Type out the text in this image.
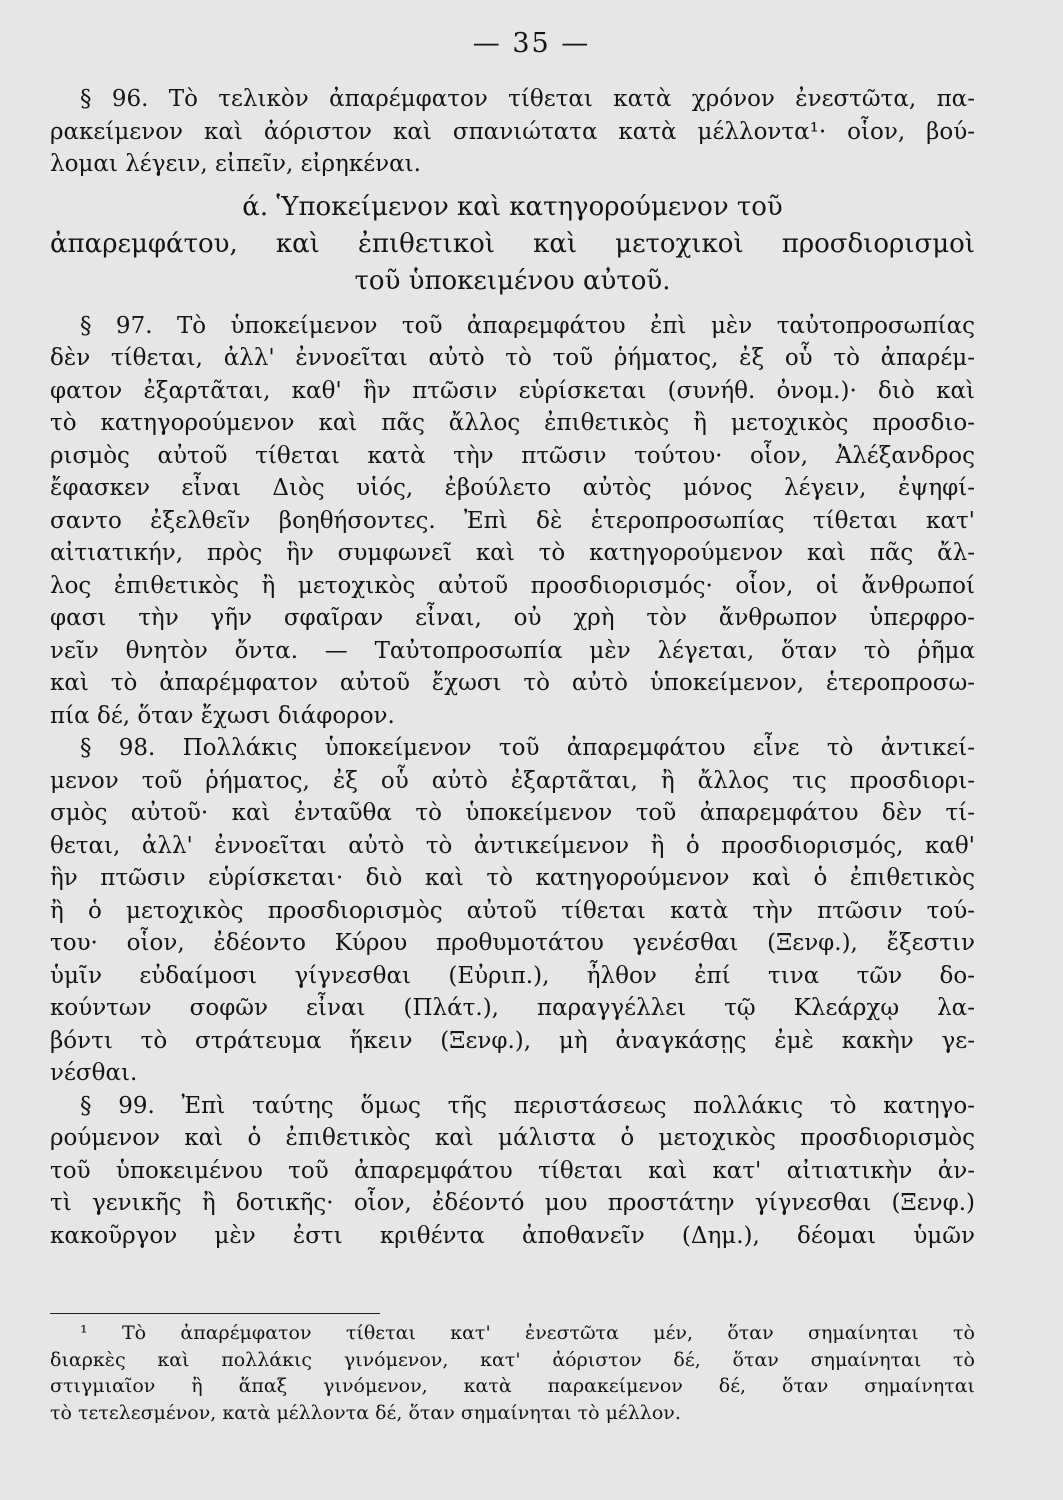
— 35 —
§ 96. Τὸ τελικὸν ἀπαρέμφατον τίθεται κατὰ χρόνον ἐνεστῶτα, πα-
ρακείμενον καὶ ἀόριστον καὶ σπανιώτατα κατὰ μέλλοντα¹· οἷον, βού-
λομαι λέγειν, εἰπεῖν, εἰρηκέναι.
ά. Ὑποκείμενον καὶ κατηγορούμενον τοῦ
ἀπαρεμφάτου, καὶ ἐπιθετικοὶ καὶ μετοχικοὶ προσδιορισμοὶ
τοῦ ὑποκειμένου αὐτοῦ.
§ 97. Τὸ ὑποκείμενον τοῦ ἀπαρεμφάτου ἐπὶ μὲν ταὐτοπροσωπίας
δὲν τίθεται, ἀλλ' ἐννοεῖται αὐτὸ τὸ τοῦ ῥήματος, ἐξ οὗ τὸ ἀπαρέμ-
φατον ἐξαρτᾶται, καθ' ἣν πτῶσιν εὑρίσκεται (συνήθ. ὀνομ.)· διὸ καὶ
τὸ κατηγορούμενον καὶ πᾶς ἄλλος ἐπιθετικὸς ἢ μετοχικὸς προσδιο-
ρισμὸς αὐτοῦ τίθεται κατὰ τὴν πτῶσιν τούτου· οἷον, Ἀλέξανδρος
ἔφασκεν εἶναι Διὸς υἱός, ἐβούλετο αὐτὸς μόνος λέγειν, ἐψηφί-
σαντο ἐξελθεῖν βοηθήσοντες. Ἐπὶ δὲ ἑτεροπροσωπίας τίθεται κατ'
αἰτιατικήν, πρὸς ἣν συμφωνεῖ καὶ τὸ κατηγορούμενον καὶ πᾶς ἄλ-
λος ἐπιθετικὸς ἢ μετοχικὸς αὐτοῦ προσδιορισμός· οἷον, οἱ ἄνθρωποί
φασι τὴν γῆν σφαῖραν εἶναι, οὐ χρὴ τὸν ἄνθρωπον ὑπερφρο-
νεῖν θνητὸν ὄντα. — Ταὐτοπροσωπία μὲν λέγεται, ὅταν τὸ ῥῆμα
καὶ τὸ ἀπαρέμφατον αὐτοῦ ἔχωσι τὸ αὐτὸ ὑποκείμενον, ἑτεροπροσω-
πία δέ, ὅταν ἔχωσι διάφορον.
§ 98. Πολλάκις ὑποκείμενον τοῦ ἀπαρεμφάτου εἶνε τὸ ἀντικεί-
μενον τοῦ ῥήματος, ἐξ οὗ αὐτὸ ἐξαρτᾶται, ἢ ἄλλος τις προσδιορι-
σμὸς αὐτοῦ· καὶ ἐνταῦθα τὸ ὑποκείμενον τοῦ ἀπαρεμφάτου δὲν τί-
θεται, ἀλλ' ἐννοεῖται αὐτὸ τὸ ἀντικείμενον ἢ ὁ προσδιορισμός, καθ'
ἣν πτῶσιν εὑρίσκεται· διὸ καὶ τὸ κατηγορούμενον καὶ ὁ ἐπιθετικὸς
ἢ ὁ μετοχικὸς προσδιορισμὸς αὐτοῦ τίθεται κατὰ τὴν πτῶσιν τού-
του· οἷον, ἐδέοντο Κύρου προθυμοτάτου γενέσθαι (Ξενφ.), ἔξεστιν
ὑμῖν εὐδαίμοσι γίγνεσθαι (Εὐριπ.), ἦλθον ἐπί τινα τῶν δο-
κούντων σοφῶν εἶναι (Πλάτ.), παραγγέλλει τῷ Κλεάρχῳ λα-
βόντι τὸ στράτευμα ἥκειν (Ξενφ.), μὴ ἀναγκάσῃς ἐμὲ κακὴν γε-
νέσθαι.
§ 99. Ἐπὶ ταύτης ὅμως τῆς περιστάσεως πολλάκις τὸ κατηγο-
ρούμενον καὶ ὁ ἐπιθετικὸς καὶ μάλιστα ὁ μετοχικὸς προσδιορισμὸς
τοῦ ὑποκειμένου τοῦ ἀπαρεμφάτου τίθεται καὶ κατ' αἰτιατικὴν ἀν-
τὶ γενικῆς ἢ δοτικῆς· οἷον, ἐδέοντό μου προστάτην γίγνεσθαι (Ξενφ.)
κακοῦργον μὲν ἐστι κριθέντα ἀποθανεῖν (Δημ.), δέομαι ὑμῶν
¹ Τὸ ἀπαρέμφατον τίθεται κατ' ἐνεστῶτα μέν, ὅταν σημαίνηται τὸ
διαρκὲς καὶ πολλάκις γινόμενον, κατ' ἀόριστον δέ, ὅταν σημαίνηται τὸ
στιγμιαῖον ἢ ἅπαξ γινόμενον, κατὰ παρακείμενον δέ, ὅταν σημαίνηται
τὸ τετελεσμένον, κατὰ μέλλοντα δέ, ὅταν σημαίνηται τὸ μέλλον.
